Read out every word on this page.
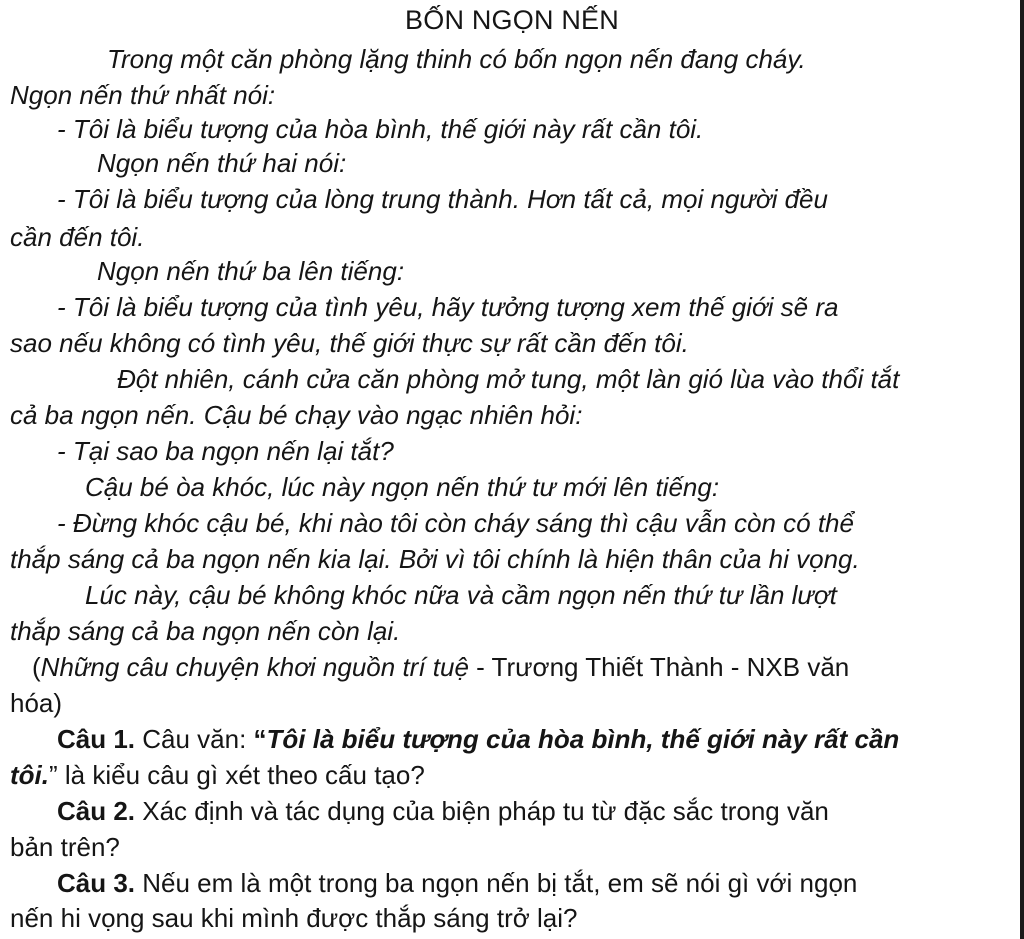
BỐN NGỌN NẾN
Trong một căn phòng lặng thinh có bốn ngọn nến đang cháy.
Ngọn nến thứ nhất nói:
- Tôi là biểu tượng của hòa bình, thế giới này rất cần tôi.
Ngọn nến thứ hai nói:
- Tôi là biểu tượng của lòng trung thành. Hơn tất cả, mọi người đều
cần đến tôi.
Ngọn nến thứ ba lên tiếng:
- Tôi là biểu tượng của tình yêu, hãy tưởng tượng xem thế giới sẽ ra
sao nếu không có tình yêu, thế giới thực sự rất cần đến tôi.
Đột nhiên, cánh cửa căn phòng mở tung, một làn gió lùa vào thổi tắt
cả ba ngọn nến. Cậu bé chạy vào ngạc nhiên hỏi:
- Tại sao ba ngọn nến lại tắt?
Cậu bé òa khóc, lúc này ngọn nến thứ tư mới lên tiếng:
- Đừng khóc cậu bé, khi nào tôi còn cháy sáng thì cậu vẫn còn có thể
thắp sáng cả ba ngọn nến kia lại. Bởi vì tôi chính là hiện thân của hi vọng.
Lúc này, cậu bé không khóc nữa và cầm ngọn nến thứ tư lần lượt
thắp sáng cả ba ngọn nến còn lại.
(Những câu chuyện khơi nguồn trí tuệ - Trương Thiết Thành - NXB văn
hóa)
Câu 1. Câu văn: “Tôi là biểu tượng của hòa bình, thế giới này rất cần
tôi.” là kiểu câu gì xét theo cấu tạo?
Câu 2. Xác định và tác dụng của biện pháp tu từ đặc sắc trong văn
bản trên?
Câu 3. Nếu em là một trong ba ngọn nến bị tắt, em sẽ nói gì với ngọn
nến hi vọng sau khi mình được thắp sáng trở lại?
